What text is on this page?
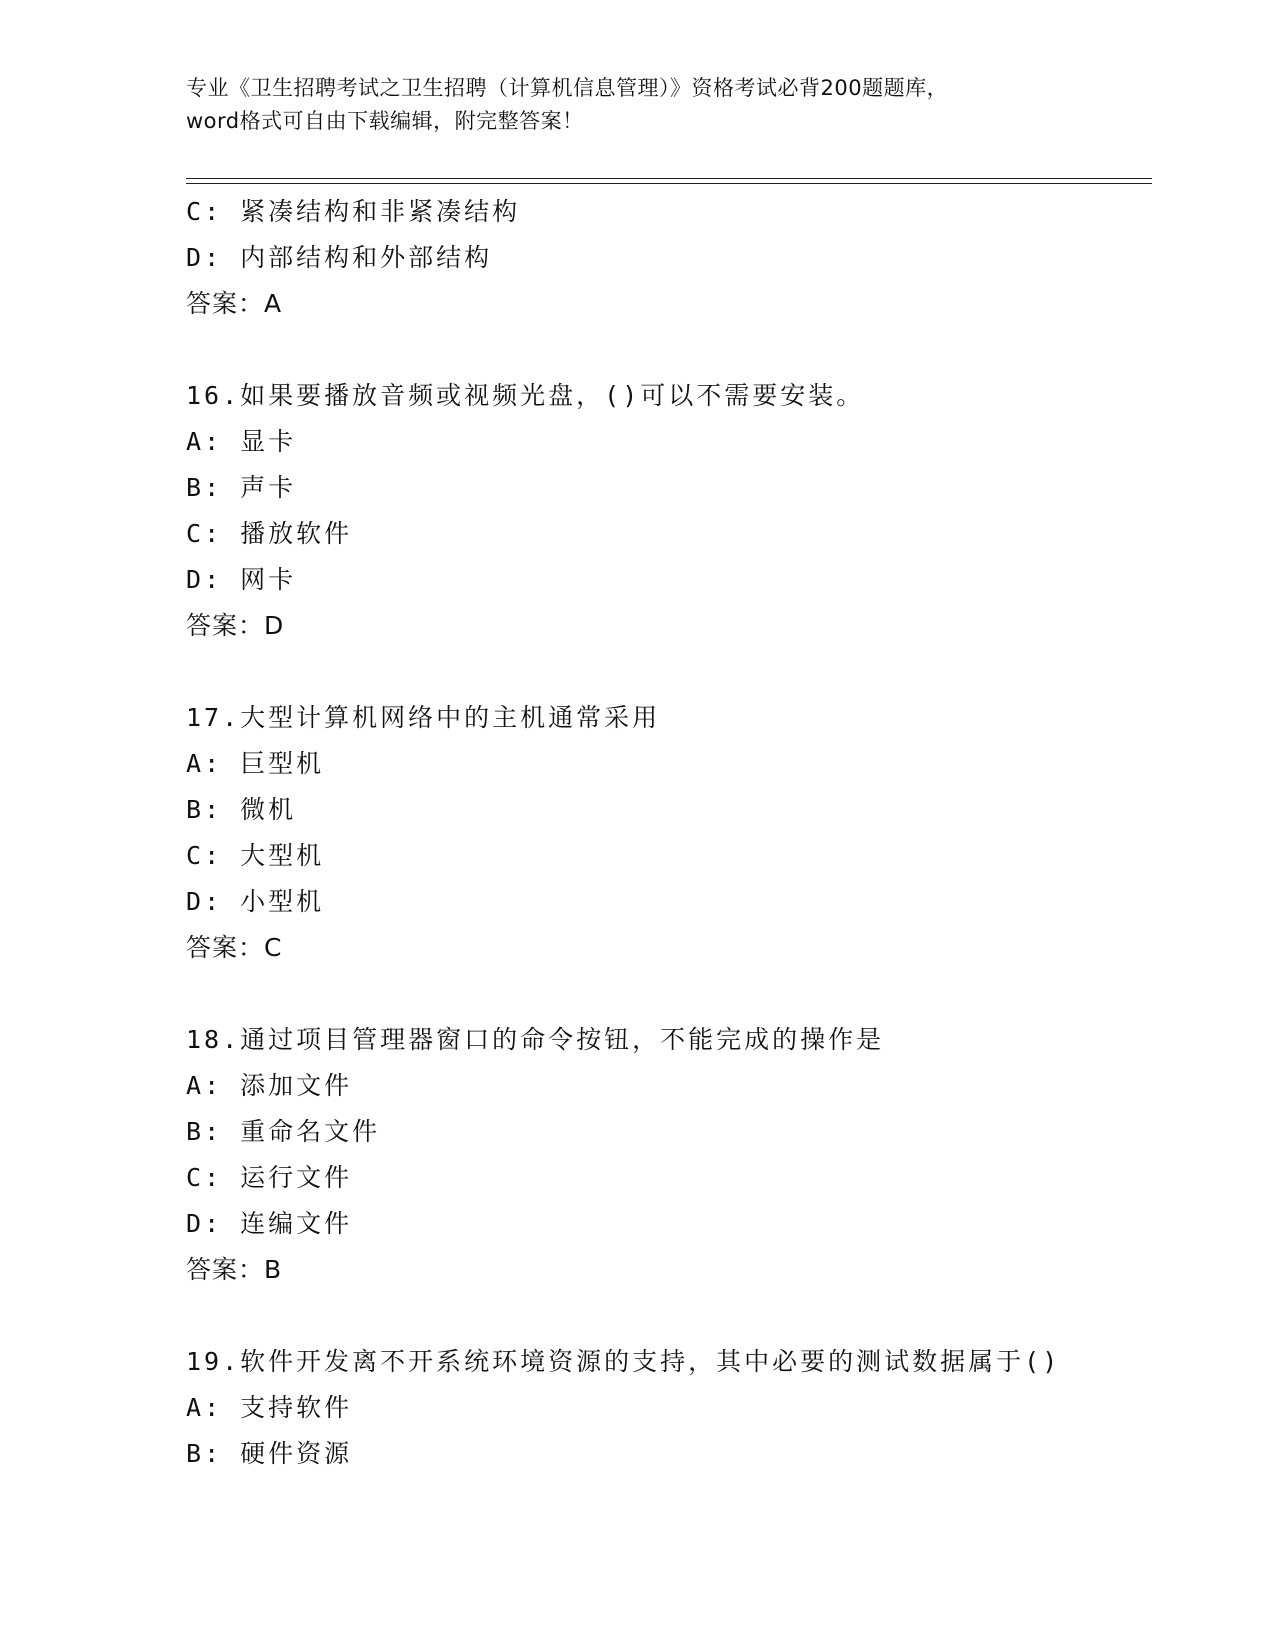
专业《卫生招聘考试之卫生招聘（计算机信息管理）》资格考试必背200题题库，
word格式可自由下载编辑，附完整答案！
C: 紧凑结构和非紧凑结构
D: 内部结构和外部结构
答案：A
16.如果要播放音频或视频光盘，()可以不需要安装。
A: 显卡
B: 声卡
C: 播放软件
D: 网卡
答案：D
17.大型计算机网络中的主机通常采用
A: 巨型机
B: 微机
C: 大型机
D: 小型机
答案：C
18.通过项目管理器窗口的命令按钮，不能完成的操作是
A: 添加文件
B: 重命名文件
C: 运行文件
D: 连编文件
答案：B
19.软件开发离不开系统环境资源的支持，其中必要的测试数据属于()
A: 支持软件
B: 硬件资源
